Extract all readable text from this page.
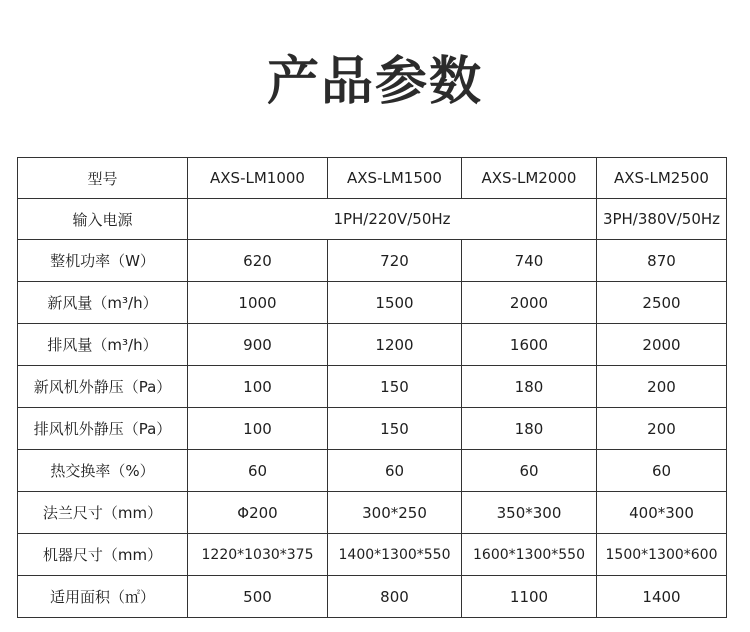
产品参数
型号	AXS-LM1000	AXS-LM1500	AXS-LM2000	AXS-LM2500
输入电源	1PH/220V/50Hz			3PH/380V/50Hz
整机功率（W）	620	720	740	870
新风量（m³/h）	1000	1500	2000	2500
排风量（m³/h）	900	1200	1600	2000
新风机外静压（Pa）	100	150	180	200
排风机外静压（Pa）	100	150	180	200
热交换率（%）	60	60	60	60
法兰尺寸（mm）	Φ200	300*250	350*300	400*300
机器尺寸（mm）	1220*1030*375	1400*1300*550	1600*1300*550	1500*1300*600
适用面积（㎡）	500	800	1100	1400
